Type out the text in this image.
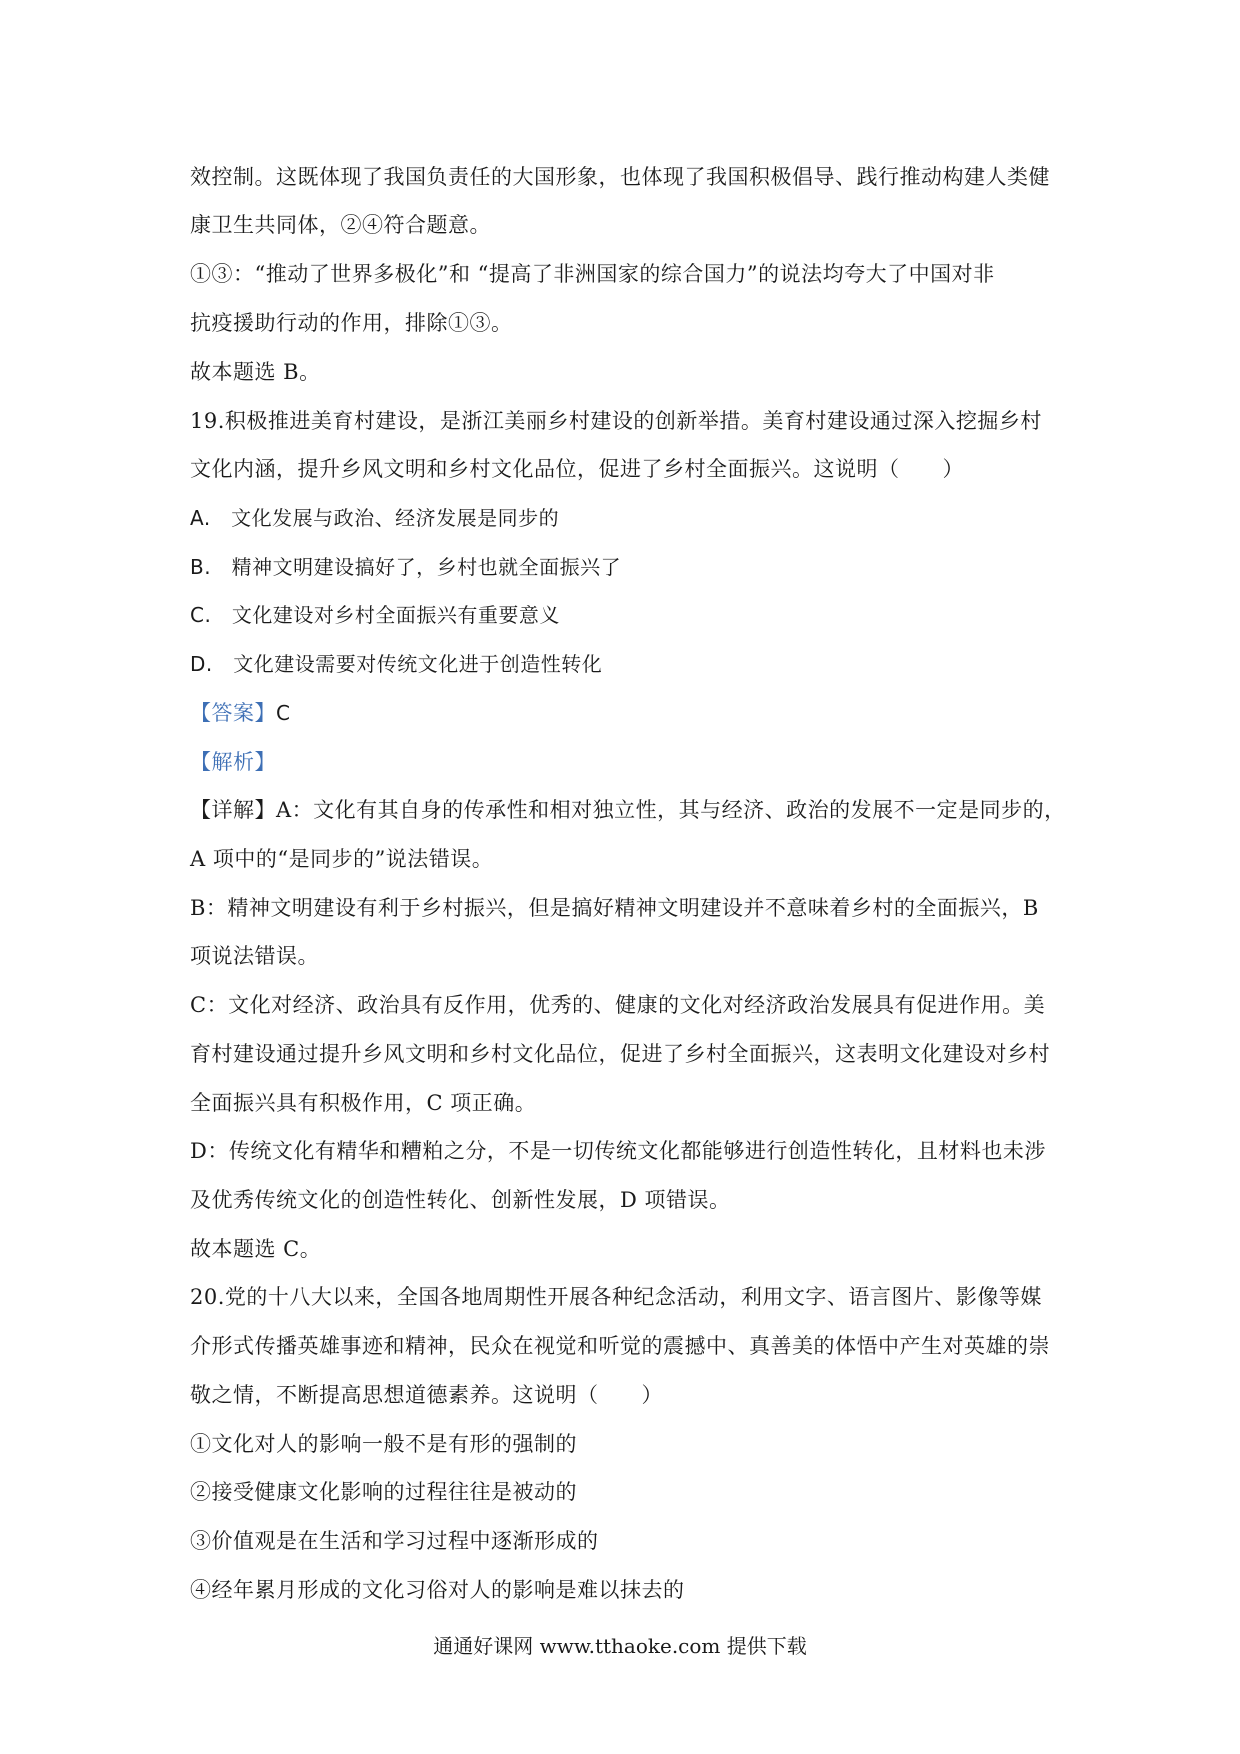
效控制。这既体现了我国负责任的大国形象，也体现了我国积极倡导、践行推动构建人类健
康卫生共同体，②④符合题意。
①③：“推动了世界多极化”和 “提高了非洲国家的综合国力”的说法均夸大了中国对非
抗疫援助行动的作用，排除①③。
故本题选 B。
19.积极推进美育村建设，是浙江美丽乡村建设的创新举措。美育村建设通过深入挖掘乡村
文化内涵，提升乡风文明和乡村文化品位，促进了乡村全面振兴。这说明（　　）
A.　文化发展与政治、经济发展是同步的
B.　精神文明建设搞好了，乡村也就全面振兴了
C.　文化建设对乡村全面振兴有重要意义
D.　文化建设需要对传统文化进于创造性转化
【答案】C
【解析】
【详解】A：文化有其自身的传承性和相对独立性，其与经济、政治的发展不一定是同步的，
A 项中的“是同步的”说法错误。
B：精神文明建设有利于乡村振兴，但是搞好精神文明建设并不意味着乡村的全面振兴，B
项说法错误。
C：文化对经济、政治具有反作用，优秀的、健康的文化对经济政治发展具有促进作用。美
育村建设通过提升乡风文明和乡村文化品位，促进了乡村全面振兴，这表明文化建设对乡村
全面振兴具有积极作用，C 项正确。
D：传统文化有精华和糟粕之分，不是一切传统文化都能够进行创造性转化，且材料也未涉
及优秀传统文化的创造性转化、创新性发展，D 项错误。
故本题选 C。
20.党的十八大以来，全国各地周期性开展各种纪念活动，利用文字、语言图片、影像等媒
介形式传播英雄事迹和精神，民众在视觉和听觉的震撼中、真善美的体悟中产生对英雄的崇
敬之情，不断提高思想道德素养。这说明（　　）
①文化对人的影响一般不是有形的强制的
②接受健康文化影响的过程往往是被动的
③价值观是在生活和学习过程中逐渐形成的
④经年累月形成的文化习俗对人的影响是难以抹去的
通通好课网 www.tthaoke.com 提供下载
